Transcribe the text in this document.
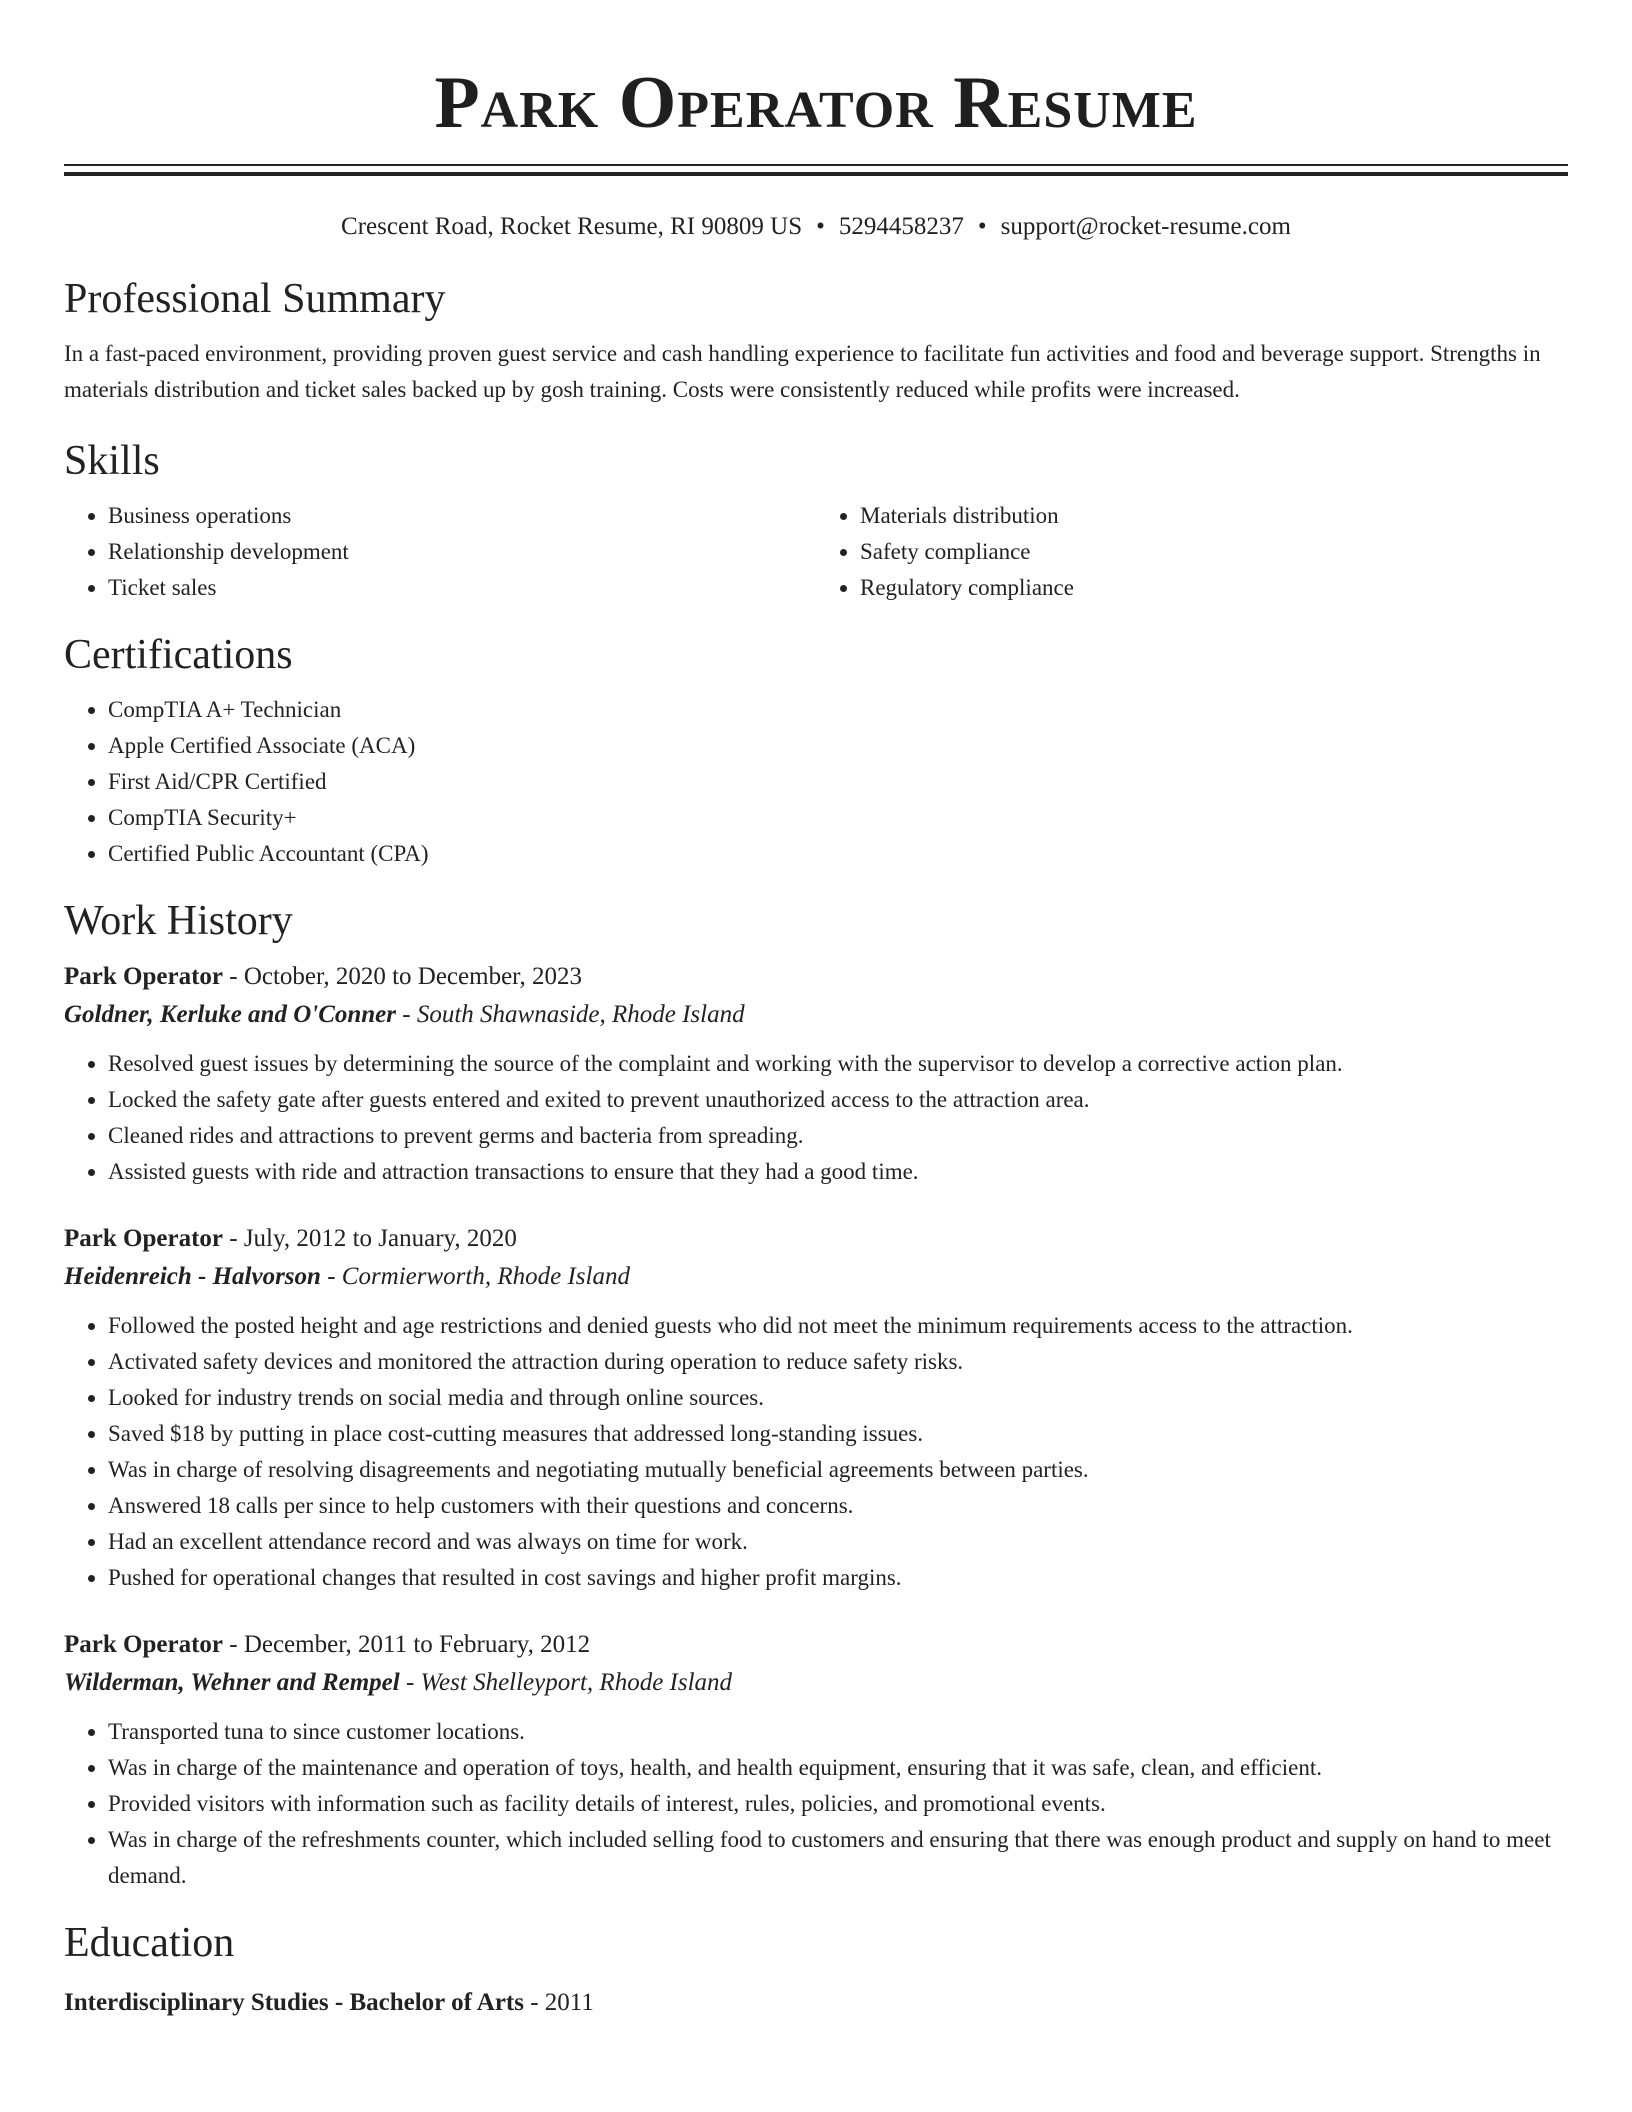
Park Operator Resume
Crescent Road, Rocket Resume, RI 90809 US • 5294458237 • support@rocket-resume.com
Professional Summary

In a fast-paced environment, providing proven guest service and cash handling experience to facilitate fun activities and food and beverage support. Strengths in materials distribution and ticket sales backed up by gosh training. Costs were consistently reduced while profits were increased.

Skills
• Business operations
• Relationship development
• Ticket sales
• Materials distribution
• Safety compliance
• Regulatory compliance
Certifications
• CompTIA A+ Technician
• Apple Certified Associate (ACA)
• First Aid/CPR Certified
• CompTIA Security+
• Certified Public Accountant (CPA)
Work History
Park Operator - October, 2020 to December, 2023
Goldner, Kerluke and O'Conner - South Shawnaside, Rhode Island
• Resolved guest issues by determining the source of the complaint and working with the supervisor to develop a corrective action plan.
• Locked the safety gate after guests entered and exited to prevent unauthorized access to the attraction area.
• Cleaned rides and attractions to prevent germs and bacteria from spreading.
• Assisted guests with ride and attraction transactions to ensure that they had a good time.
Park Operator - July, 2012 to January, 2020
Heidenreich - Halvorson - Cormierworth, Rhode Island
• Followed the posted height and age restrictions and denied guests who did not meet the minimum requirements access to the attraction.
• Activated safety devices and monitored the attraction during operation to reduce safety risks.
• Looked for industry trends on social media and through online sources.
• Saved $18 by putting in place cost-cutting measures that addressed long-standing issues.
• Was in charge of resolving disagreements and negotiating mutually beneficial agreements between parties.
• Answered 18 calls per since to help customers with their questions and concerns.
• Had an excellent attendance record and was always on time for work.
• Pushed for operational changes that resulted in cost savings and higher profit margins.
Park Operator - December, 2011 to February, 2012
Wilderman, Wehner and Rempel - West Shelleyport, Rhode Island
• Transported tuna to since customer locations.
• Was in charge of the maintenance and operation of toys, health, and health equipment, ensuring that it was safe, clean, and efficient.
• Provided visitors with information such as facility details of interest, rules, policies, and promotional events.
• Was in charge of the refreshments counter, which included selling food to customers and ensuring that there was enough product and supply on hand to meet demand.
Education
Interdisciplinary Studies - Bachelor of Arts - 2011
